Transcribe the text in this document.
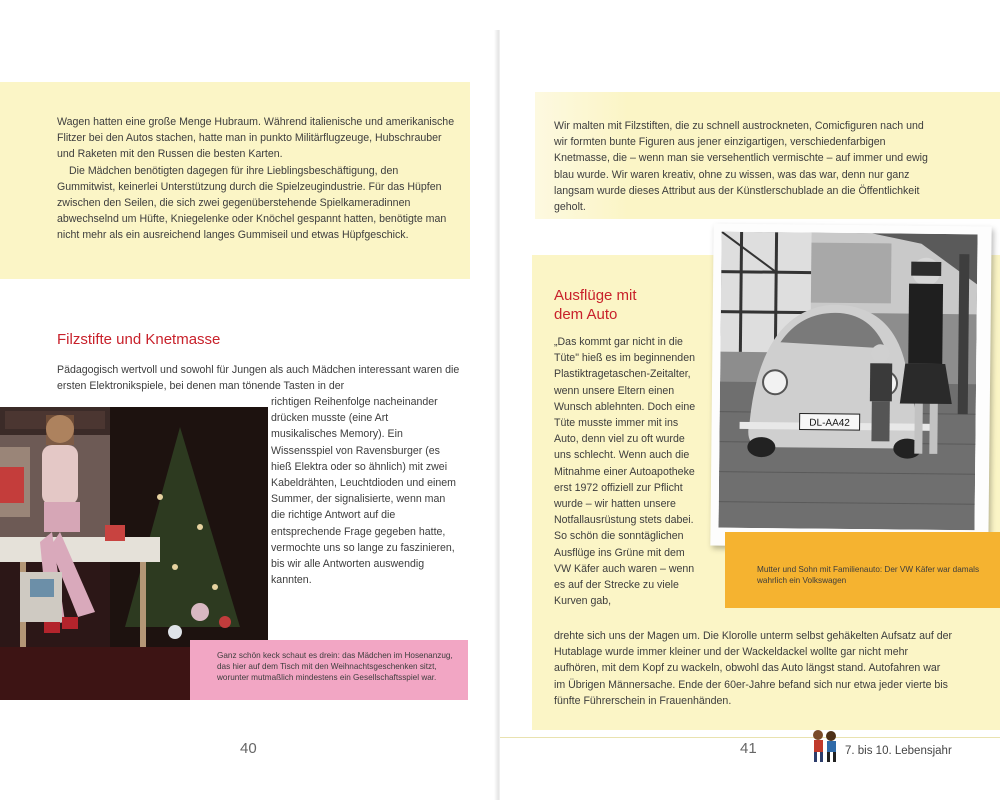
Wagen hatten eine große Menge Hubraum. Während italienische und amerikanische Flitzer bei den Autos stachen, hatte man in punkto Militärflugzeuge, Hubschrauber und Raketen mit den Russen die besten Karten.

Die Mädchen benötigten dagegen für ihre Lieblingsbeschäftigung, den Gummitwist, keinerlei Unterstützung durch die Spielzeugindustrie. Für das Hüpfen zwischen den Seilen, die sich zwei gegenüberstehende Spielkameradinnen abwechselnd um Hüfte, Kniegelenke oder Knöchel gespannt hatten, benötigte man nicht mehr als ein ausreichend langes Gummiseil und etwas Hüpfgeschick.

Filzstifte und Knetmasse

Pädagogisch wertvoll und sowohl für Jungen als auch Mädchen interessant waren die ersten Elektronikspiele, bei denen man tönende Tasten in der

richtigen Reihenfolge nacheinander drücken musste (eine Art musikalisches Memory). Ein Wissensspiel von Ravensburger (es hieß Elektra oder so ähnlich) mit zwei Kabeldrähten, Leuchtdioden und einem Summer, der signalisierte, wenn man die richtige Antwort auf die entsprechende Frage gegeben hatte, vermochte uns so lange zu faszinieren, bis wir alle Antworten auswendig kannten.

Ganz schön keck schaut es drein: das Mädchen im Hosenanzug, das hier auf dem Tisch mit den Weihnachtsgeschenken sitzt, worunter mutmaßlich mindestens ein Gesellschaftsspiel war.
40

Wir malten mit Filzstiften, die zu schnell austrockneten, Comicfiguren nach und wir formten bunte Figuren aus jener einzigartigen, verschiedenfarbigen Knetmasse, die – wenn man sie versehentlich vermischte – auf immer und ewig blau wurde. Wir waren kreativ, ohne zu wissen, was das war, denn nur ganz langsam wurde dieses Attribut aus der Künstlerschublade an die Öffentlichkeit geholt.

Ausflüge mit dem Auto

„Das kommt gar nicht in die Tüte" hieß es im beginnenden Plastiktragetaschen-Zeitalter, wenn unsere Eltern einen Wunsch ablehnten. Doch eine Tüte musste immer mit ins Auto, denn viel zu oft wurde uns schlecht. Wenn auch die Mitnahme einer Autoapotheke erst 1972 offiziell zur Pflicht wurde – wir hatten unsere Notfallausrüstung stets dabei. So schön die sonntäglichen Ausflüge ins Grüne mit dem VW Käfer auch waren – wenn es auf der Strecke zu viele Kurven gab,

drehte sich uns der Magen um. Die Klorolle unterm selbst gehäkelten Aufsatz auf der Hutablage wurde immer kleiner und der Wackeldackel wollte gar nicht mehr aufhören, mit dem Kopf zu wackeln, obwohl das Auto längst stand. Autofahren war im Übrigen Männersache. Ende der 60er-Jahre befand sich nur etwa jeder vierte bis fünfte Führerschein in Frauenhänden.

DL-AA42
Mutter und Sohn mit Familienauto: Der VW Käfer war damals wahrlich ein Volkswagen
41	7. bis 10. Lebensjahr
